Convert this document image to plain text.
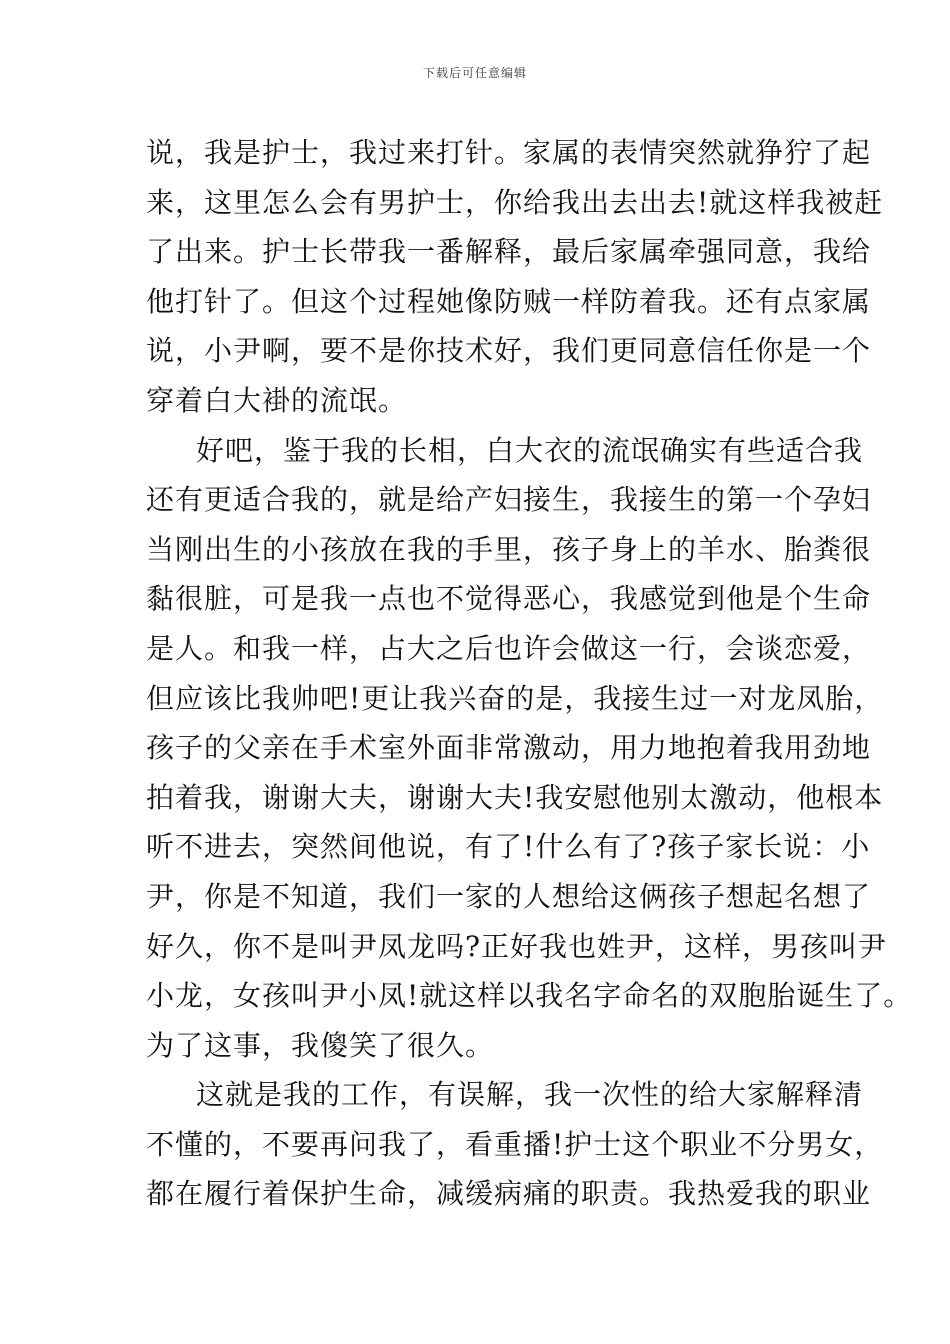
下载后可任意编辑
说，我是护士，我过来打针。家属的表情突然就狰狞了起
来，这里怎么会有男护士，你给我出去出去!就这样我被赶
了出来。护士长带我一番解释，最后家属牵强同意，我给
他打针了。但这个过程她像防贼一样防着我。还有点家属
说，小尹啊，要不是你技术好，我们更同意信任你是一个
穿着白大褂的流氓。
好吧，鉴于我的长相，白大衣的流氓确实有些适合我
还有更适合我的，就是给产妇接生，我接生的第一个孕妇
当刚出生的小孩放在我的手里，孩子身上的羊水、胎粪很
黏很脏，可是我一点也不觉得恶心，我感觉到他是个生命
是人。和我一样，占大之后也许会做这一行，会谈恋爱，
但应该比我帅吧!更让我兴奋的是，我接生过一对龙凤胎，
孩子的父亲在手术室外面非常激动，用力地抱着我用劲地
拍着我，谢谢大夫，谢谢大夫!我安慰他别太激动，他根本
听不进去，突然间他说，有了!什么有了?孩子家长说：小
尹，你是不知道，我们一家的人想给这俩孩子想起名想了
好久，你不是叫尹凤龙吗?正好我也姓尹，这样，男孩叫尹
小龙，女孩叫尹小凤!就这样以我名字命名的双胞胎诞生了。
为了这事，我傻笑了很久。
这就是我的工作，有误解，我一次性的给大家解释清
不懂的，不要再问我了，看重播!护士这个职业不分男女，
都在履行着保护生命，减缓病痛的职责。我热爱我的职业
